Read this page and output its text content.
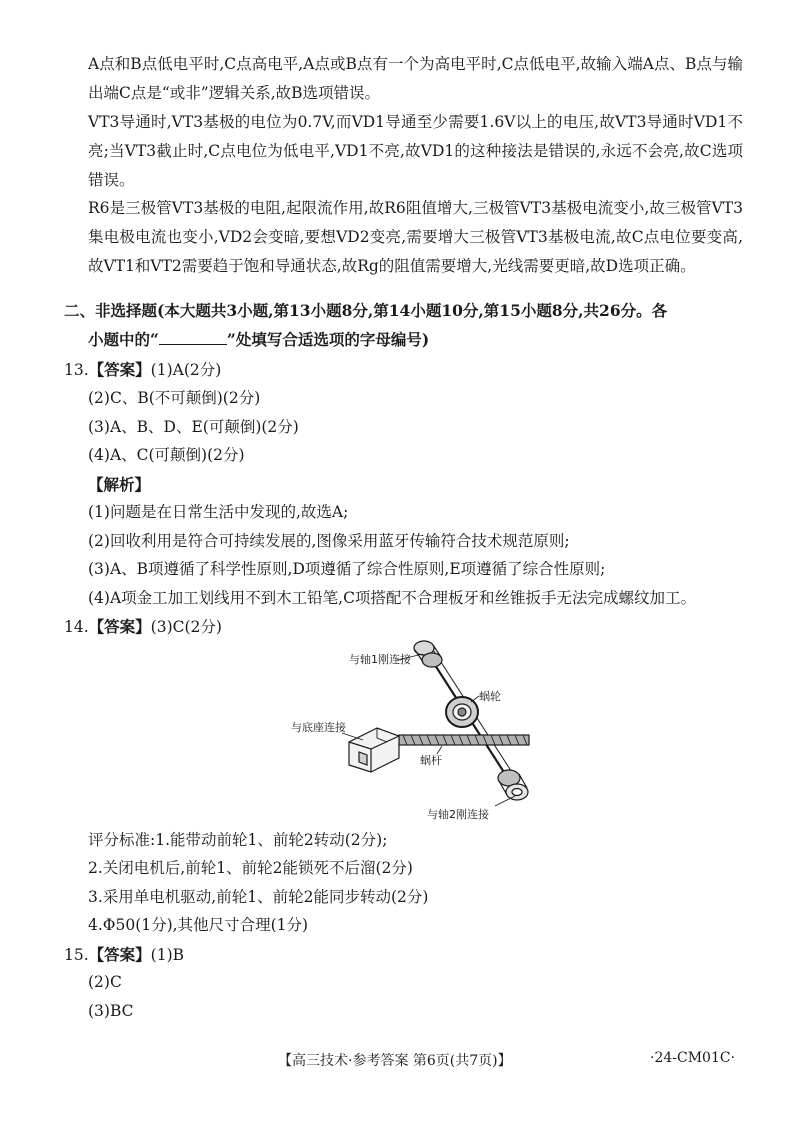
A点和B点低电平时,C点高电平,A点或B点有一个为高电平时,C点低电平,故输入端A点、B点与输出端C点是“或非”逻辑关系,故B选项错误。

VT3导通时,VT3基极的电位为0.7V,而VD1导通至少需要1.6V以上的电压,故VT3导通时VD1不亮;当VT3截止时,C点电位为低电平,VD1不亮,故VD1的这种接法是错误的,永远不会亮,故C选项错误。

R6是三极管VT3基极的电阻,起限流作用,故R6阻值增大,三极管VT3基极电流变小,故三极管VT3集电极电流也变小,VD2会变暗,要想VD2变亮,需要增大三极管VT3基极电流,故C点电位要变高,故VT1和VT2需要趋于饱和导通状态,故Rg的阻值需要增大,光线需要更暗,故D选项正确。

二、非选择题(本大题共3小题,第13小题8分,第14小题10分,第15小题8分,共26分。各
小题中的“	”处填写合适选项的字母编号)
13.【答案】(1)A(2分)
(2)C、B(不可颠倒)(2分)
(3)A、B、D、E(可颠倒)(2分)
(4)A、C(可颠倒)(2分)
【解析】
(1)问题是在日常生活中发现的,故选A;
(2)回收利用是符合可持续发展的,图像采用蓝牙传输符合技术规范原则;
(3)A、B项遵循了科学性原则,D项遵循了综合性原则,E项遵循了综合性原则;
(4)A项金工加工划线用不到木工铅笔,C项搭配不合理板牙和丝锥扳手无法完成螺纹加工。
14.【答案】(3)C(2分)
与轴1刚连接
蜗轮
与底座连接
蜗杆
与轴2刚连接
评分标准:1.能带动前轮1、前轮2转动(2分);
2.关闭电机后,前轮1、前轮2能锁死不后溜(2分)
3.采用单电机驱动,前轮1、前轮2能同步转动(2分)
4.Φ50(1分),其他尺寸合理(1分)
15.【答案】(1)B
(2)C
(3)BC
【高三技术·参考答案 第6页(共7页)】	·24-CM01C·
